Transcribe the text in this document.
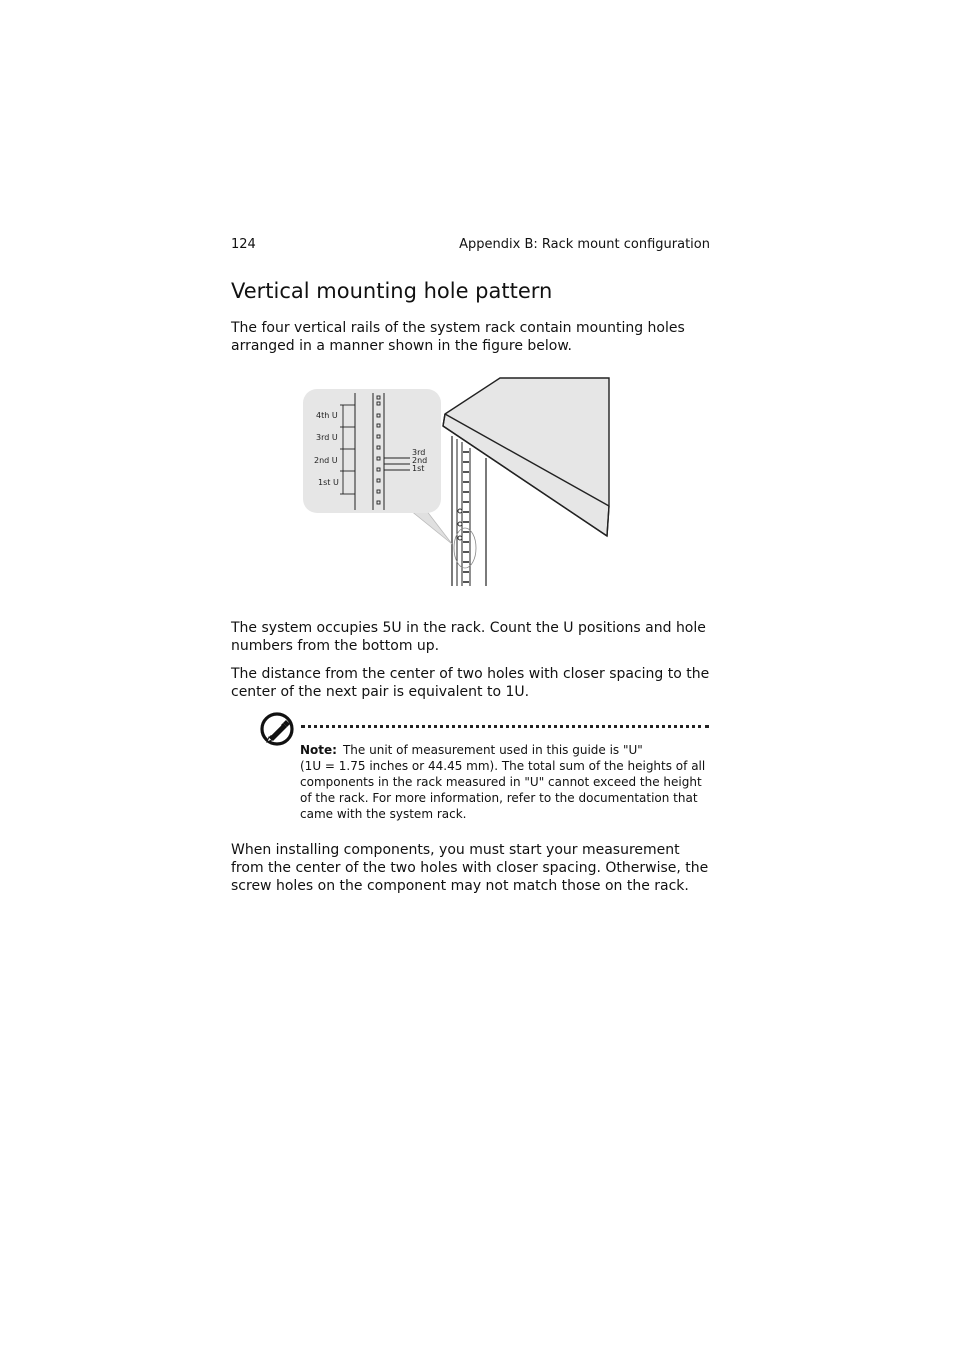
124	Appendix B: Rack mount configuration
Vertical mounting hole pattern

The four vertical rails of the system rack contain mounting holes arranged in a manner shown in the figure below.

4th U
3rd U
2nd U
1st U
3rd
2nd
1st

The system occupies 5U in the rack. Count the U positions and hole numbers from the bottom up.

The distance from the center of two holes with closer spacing to the center of the next pair is equivalent to 1U.

Note: The unit of measurement used in this guide is "U"
(1U = 1.75 inches or 44.45 mm). The total sum of the heights of all
components in the rack measured in "U" cannot exceed the height
of the rack. For more information, refer to the documentation that
came with the system rack.

When installing components, you must start your measurement from the center of the two holes with closer spacing. Otherwise, the screw holes on the component may not match those on the rack.
